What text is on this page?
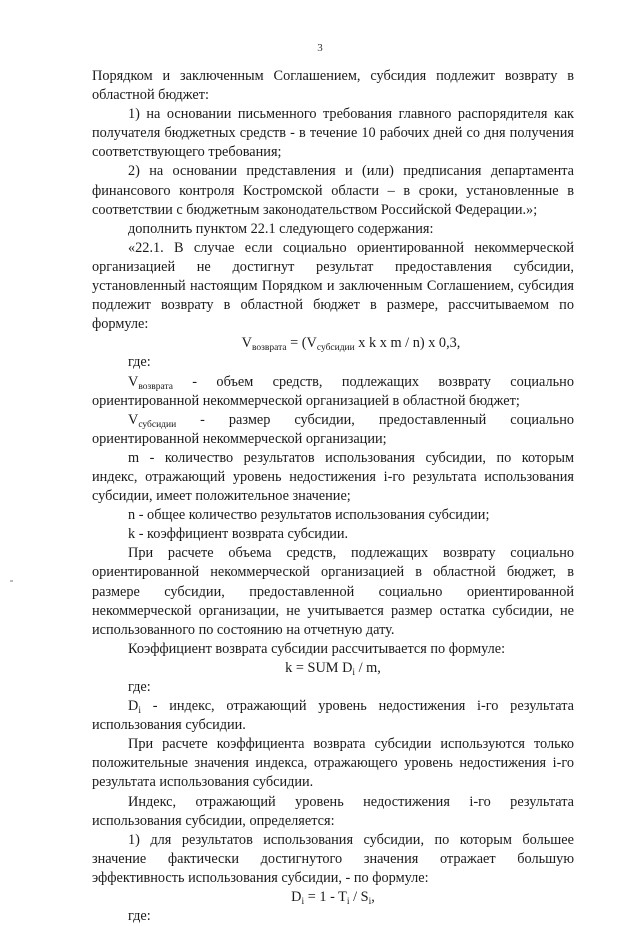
3

Порядком и заключенным Соглашением, субсидия подлежит возврату в областной бюджет:

1) на основании письменного требования главного распорядителя как получателя бюджетных средств - в течение 10 рабочих дней со дня получения соответствующего требования;

2) на основании представления и (или) предписания департамента финансового контроля Костромской области – в сроки, установленные в соответствии с бюджетным законодательством Российской Федерации.»;

дополнить пунктом 22.1 следующего содержания:

«22.1. В случае если социально ориентированной некоммерческой организацией не достигнут результат предоставления субсидии, установленный настоящим Порядком и заключенным Соглашением, субсидия подлежит возврату в областной бюджет в размере, рассчитываемом по формуле:

$V_{возврата} = (V_{субсидии}$ x k x m / n) x 0,3,

где:

$V_{возврата}$ - объем средств, подлежащих возврату социально ориентированной некоммерческой организацией в областной бюджет;

$V_{субсидии}$ - размер субсидии, предоставленный социально ориентированной некоммерческой организации;

m - количество результатов использования субсидии, по которым индекс, отражающий уровень недостижения i-го результата использования субсидии, имеет положительное значение;

n - общее количество результатов использования субсидии;

k - коэффициент возврата субсидии.

При расчете объема средств, подлежащих возврату социально ориентированной некоммерческой организацией в областной бюджет, в размере субсидии, предоставленной социально ориентированной некоммерческой организации, не учитывается размер остатка субсидии, не использованного по состоянию на отчетную дату.

Коэффициент возврата субсидии рассчитывается по формуле:

k = SUM $D_i$ / m,

где:

$D_i$ - индекс, отражающий уровень недостижения i-го результата использования субсидии.

При расчете коэффициента возврата субсидии используются только положительные значения индекса, отражающего уровень недостижения i-го результата использования субсидии.

Индекс, отражающий уровень недостижения i-го результата использования субсидии, определяется:

1) для результатов использования субсидии, по которым большее значение фактически достигнутого значения отражает большую эффективность использования субсидии, - по формуле:

$D_i = 1 - T_i / S_i$,

где:
